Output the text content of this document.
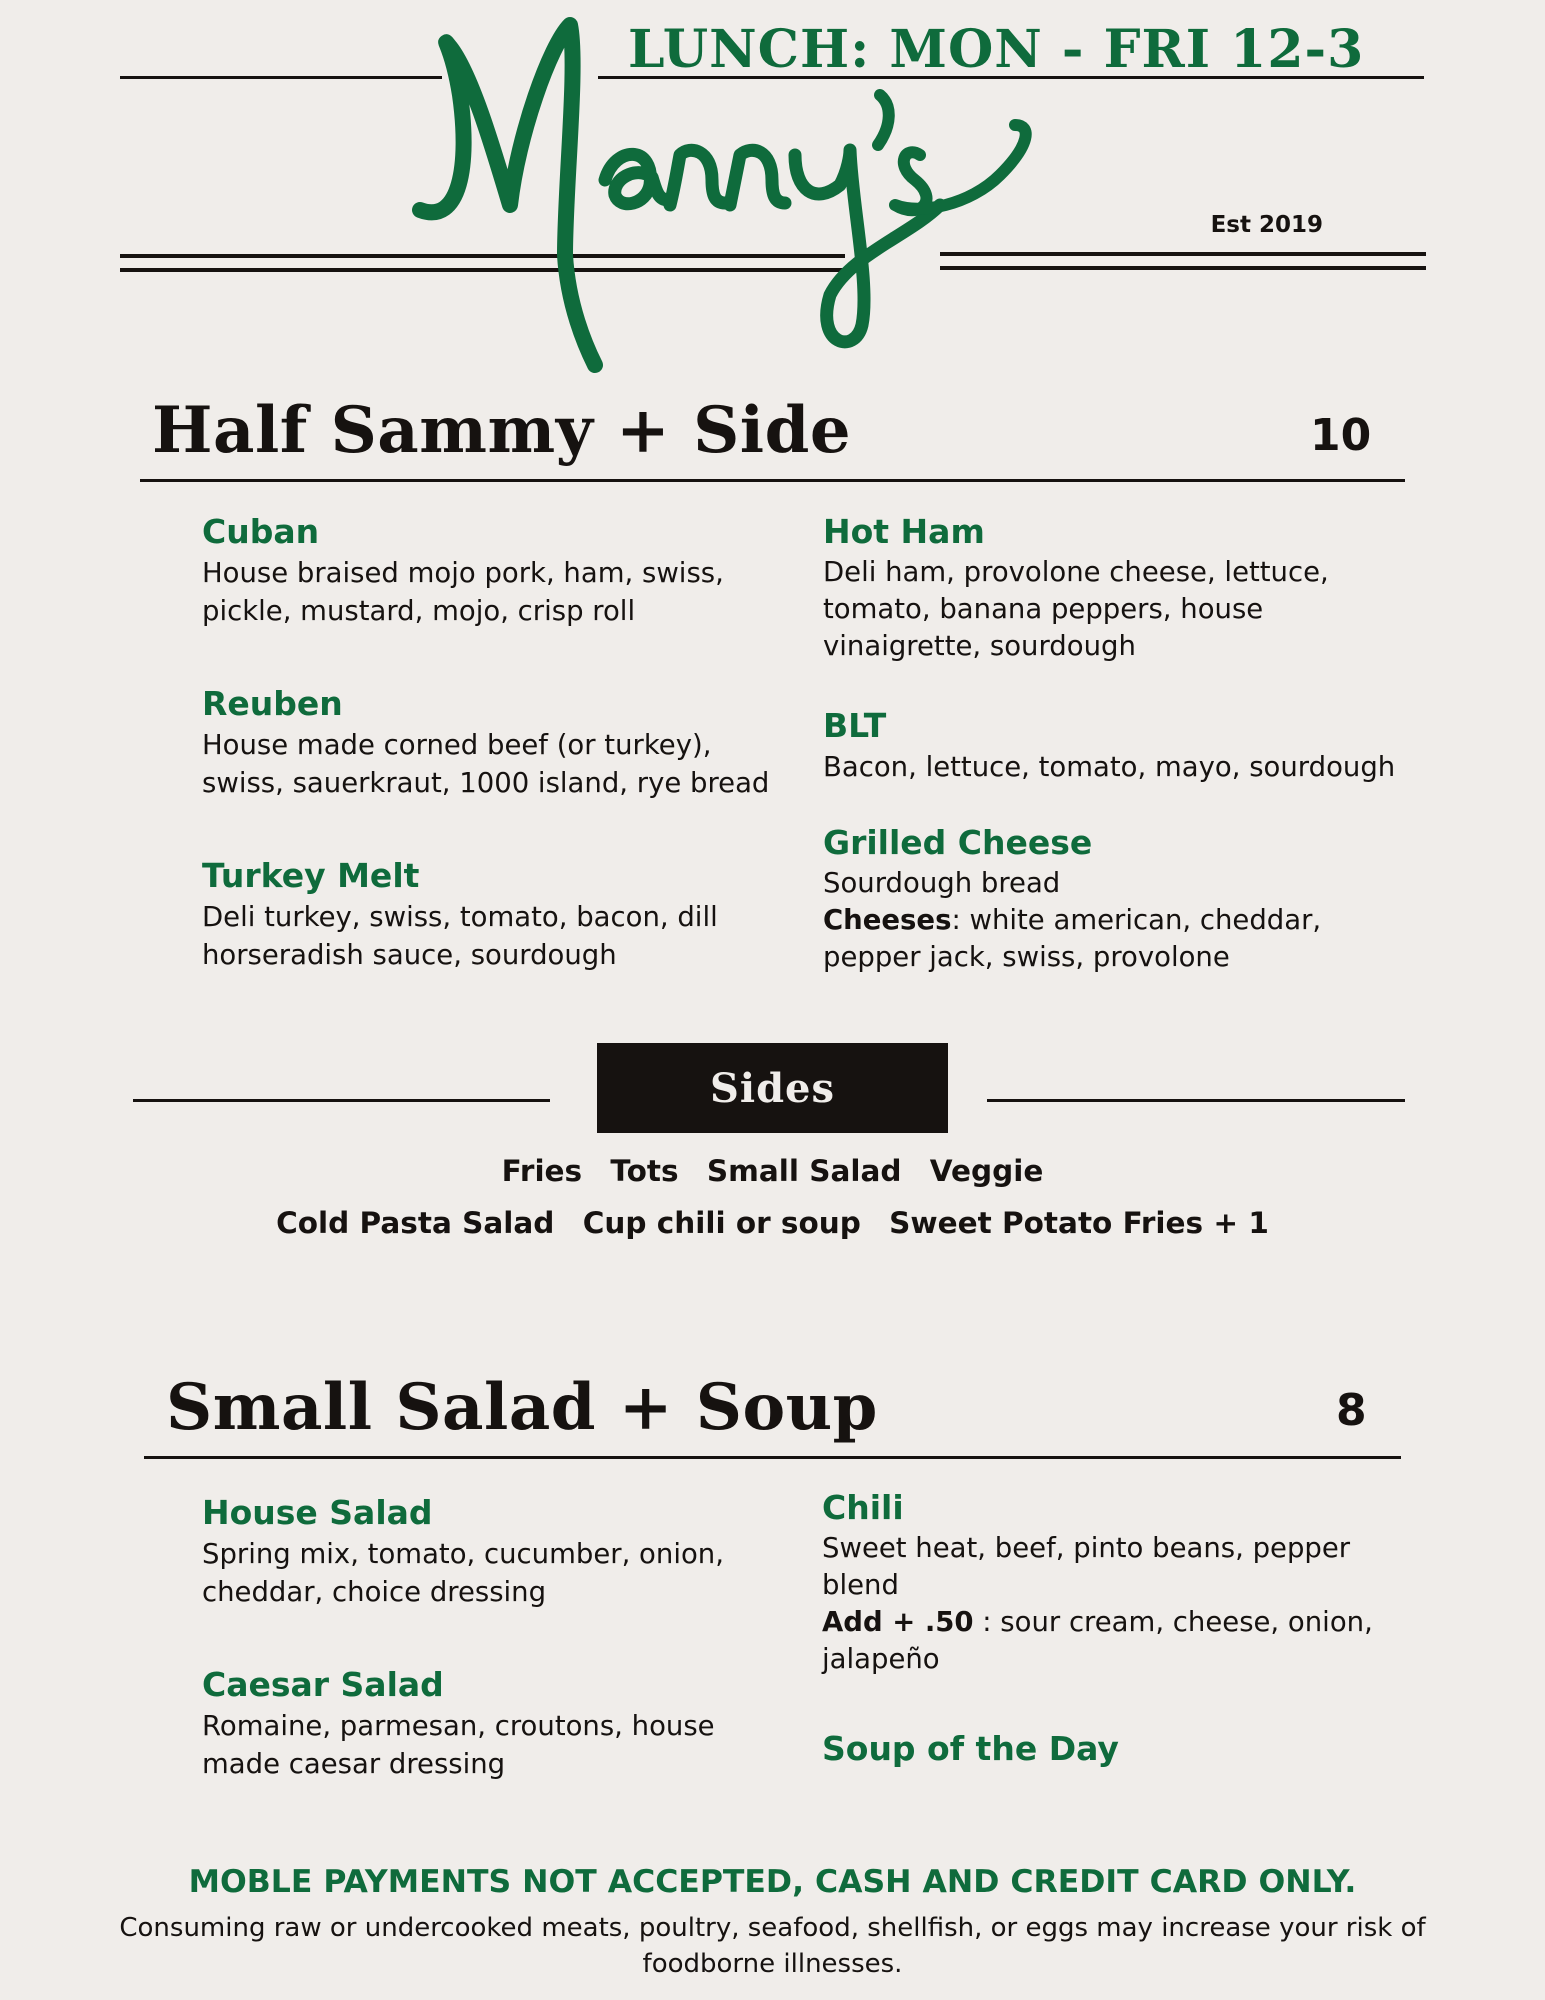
LUNCH: MON - FRI 12-3
Manny's
Est 2019
Half Sammy + Side	10

Cuban

House braised mojo pork, ham, swiss, pickle, mustard, mojo, crisp roll

Reuben

House made corned beef (or turkey), swiss, sauerkraut, 1000 island, rye bread

Turkey Melt

Deli turkey, swiss, tomato, bacon, dill horseradish sauce, sourdough

Hot Ham

Deli ham, provolone cheese, lettuce, tomato, banana peppers, house vinaigrette, sourdough

BLT

Bacon, lettuce, tomato, mayo, sourdough

Grilled Cheese

Sourdough bread
Cheeses: white american, cheddar, pepper jack, swiss, provolone

Sides
Fries Tots Small Salad Veggie
Cold Pasta Salad Cup chili or soup Sweet Potato Fries + 1
Small Salad + Soup	8

House Salad

Spring mix, tomato, cucumber, onion, cheddar, choice dressing

Caesar Salad

Romaine, parmesan, croutons, house made caesar dressing

Chili

Sweet heat, beef, pinto beans, pepper blend
Add + .50 : sour cream, cheese, onion, jalapeño

Soup of the Day

MOBLE PAYMENTS NOT ACCEPTED, CASH AND CREDIT CARD ONLY.
Consuming raw or undercooked meats, poultry, seafood, shellfish, or eggs may increase your risk of foodborne illnesses.
